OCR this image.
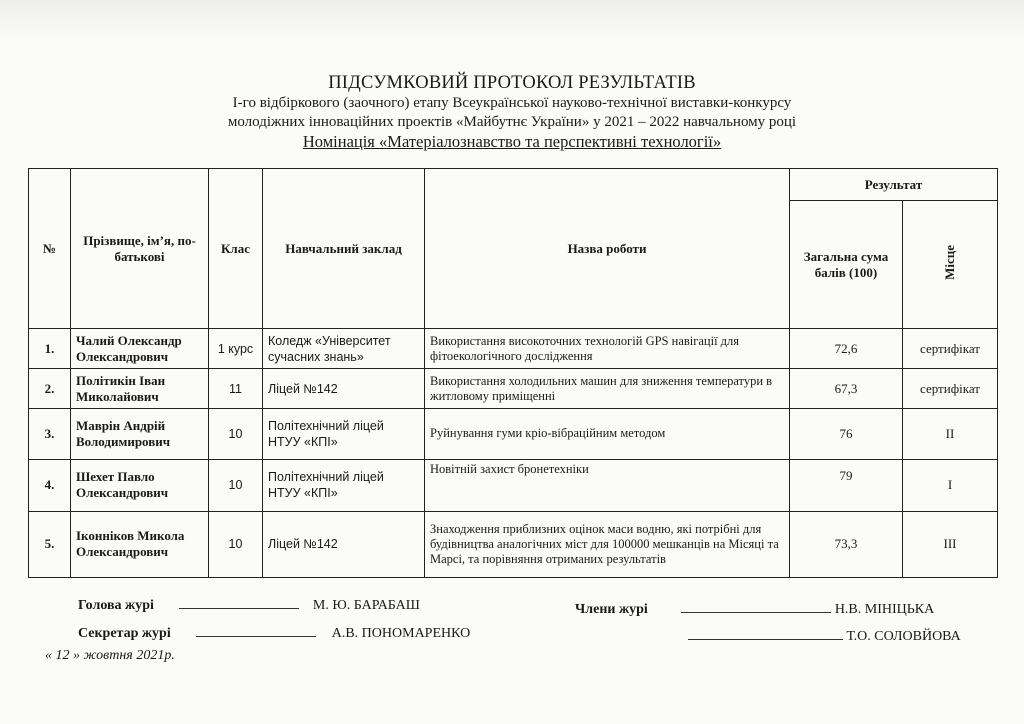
ПІДСУМКОВИЙ ПРОТОКОЛ РЕЗУЛЬТАТІВ
І-го відбіркового (заочного) етапу Всеукраїнської науково-технічної виставки-конкурсу
молодіжних інноваційних проектів «Майбутнє України» у 2021 – 2022 навчальному році
Номінація «Матеріалознавство та перспективні технології»
№	Прізвище, ім’я, по-батькові	Клас	Навчальний заклад	Назва роботи	Результат	
					Загальна сума балів (100)	Місце
1.	Чалий Олександр Олександрович	1 курс	Коледж «Університет сучасних знань»	Використання високоточних технологій GPS навігації для фітоекологічного дослідження	72,6	сертифікат
2.	Політикін Іван Миколайович	11	Ліцей №142	Використання холодильних машин для зниження температури в житловому приміщенні	67,3	сертифікат
3.	Маврін Андрій Володимирович	10	Політехнічний ліцей НТУУ «КПІ»	Руйнування гуми кріо-вібраційним методом	76	II
4.	Шехет Павло Олександрович	10	Політехнічний ліцей НТУУ «КПІ»	Новітній захист бронетехніки	79	I
5.	Іконніков Микола Олександрович	10	Ліцей №142	Знаходження приблизних оцінок маси водню, які потрібні для будівництва аналогічних міст для 100000 мешканців на Місяці та Марсі, та порівняння отриманих результатів	73,3	III
Голова журі	М. Ю. БАРАБАШ
Секретар журі	А.В. ПОНОМАРЕНКО
Члени журі	Н.В. МІНІЦЬКА
Т.О. СОЛОВЙОВА
« 12 » жовтня 2021р.
